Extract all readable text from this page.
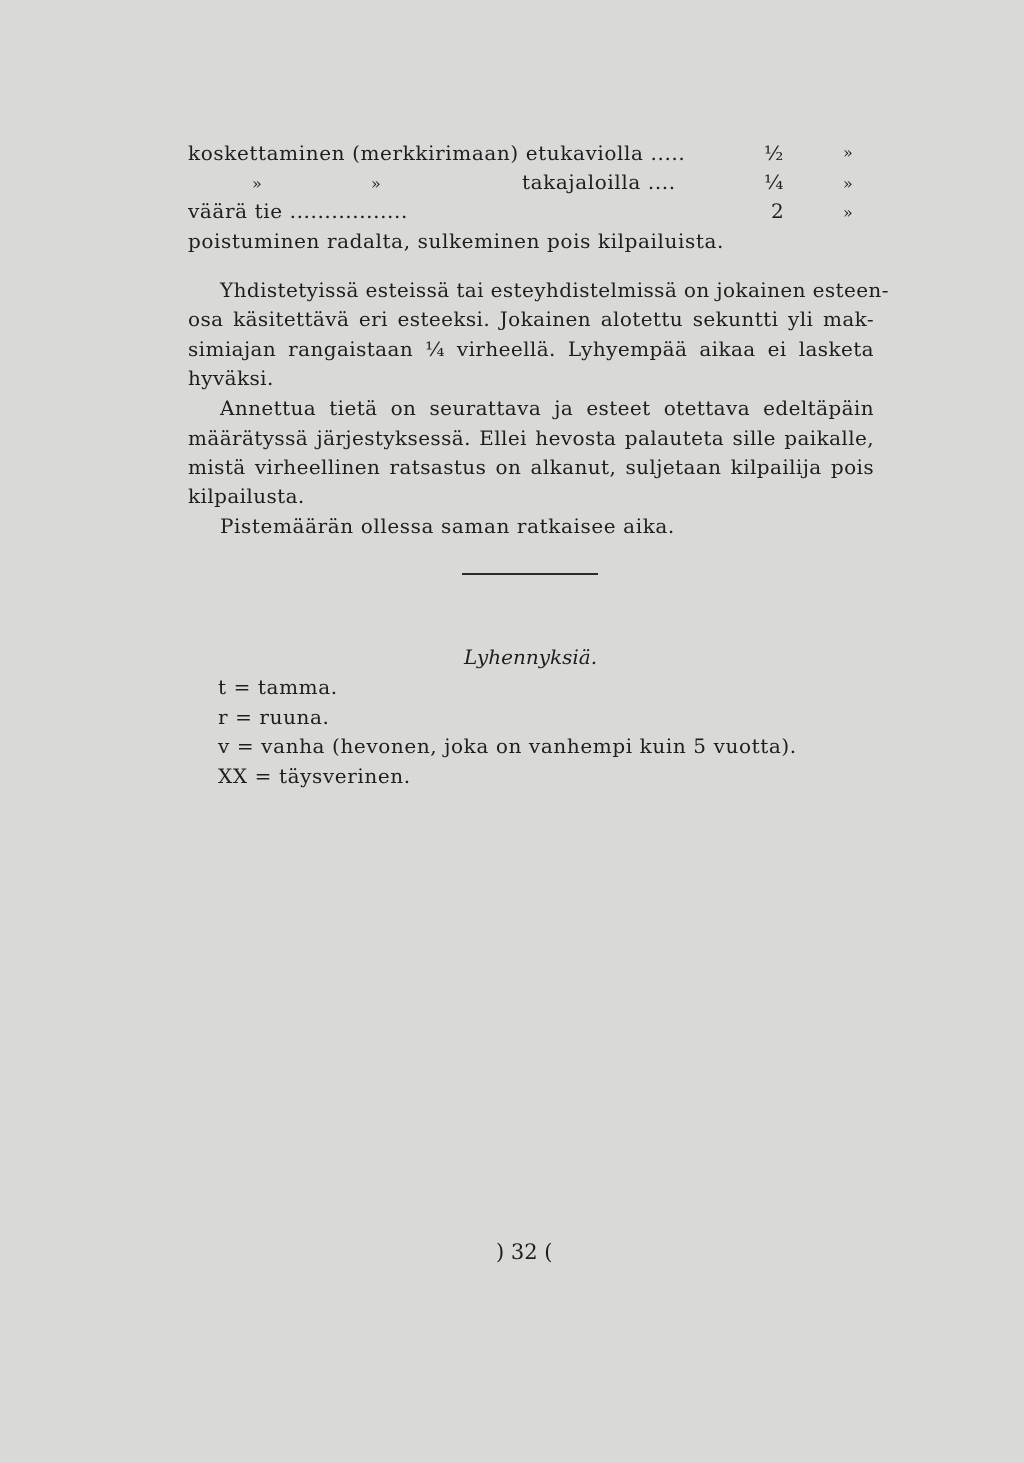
koskettaminen (merkkirimaan) etukaviolla .....	½	»
»	»	takajaloilla ....	¼	»
väärä tie .................	2	»
poistuminen radalta, sulkeminen pois kilpailuista.
Yhdistetyissä esteissä tai esteyhdistelmissä on jokainen esteen-
osa käsitettävä eri esteeksi. Jokainen alotettu sekuntti yli mak-
simiajan rangaistaan ¼ virheellä. Lyhyempää aikaa ei lasketa
hyväksi.
Annettua tietä on seurattava ja esteet otettava edeltäpäin
määrätyssä järjestyksessä. Ellei hevosta palauteta sille paikalle,
mistä virheellinen ratsastus on alkanut, suljetaan kilpailija pois
kilpailusta.
Pistemäärän ollessa saman ratkaisee aika.
Lyhennyksiä.
t = tamma.
r = ruuna.
v = vanha (hevonen, joka on vanhempi kuin 5 vuotta).
XX = täysverinen.
) 32 (
